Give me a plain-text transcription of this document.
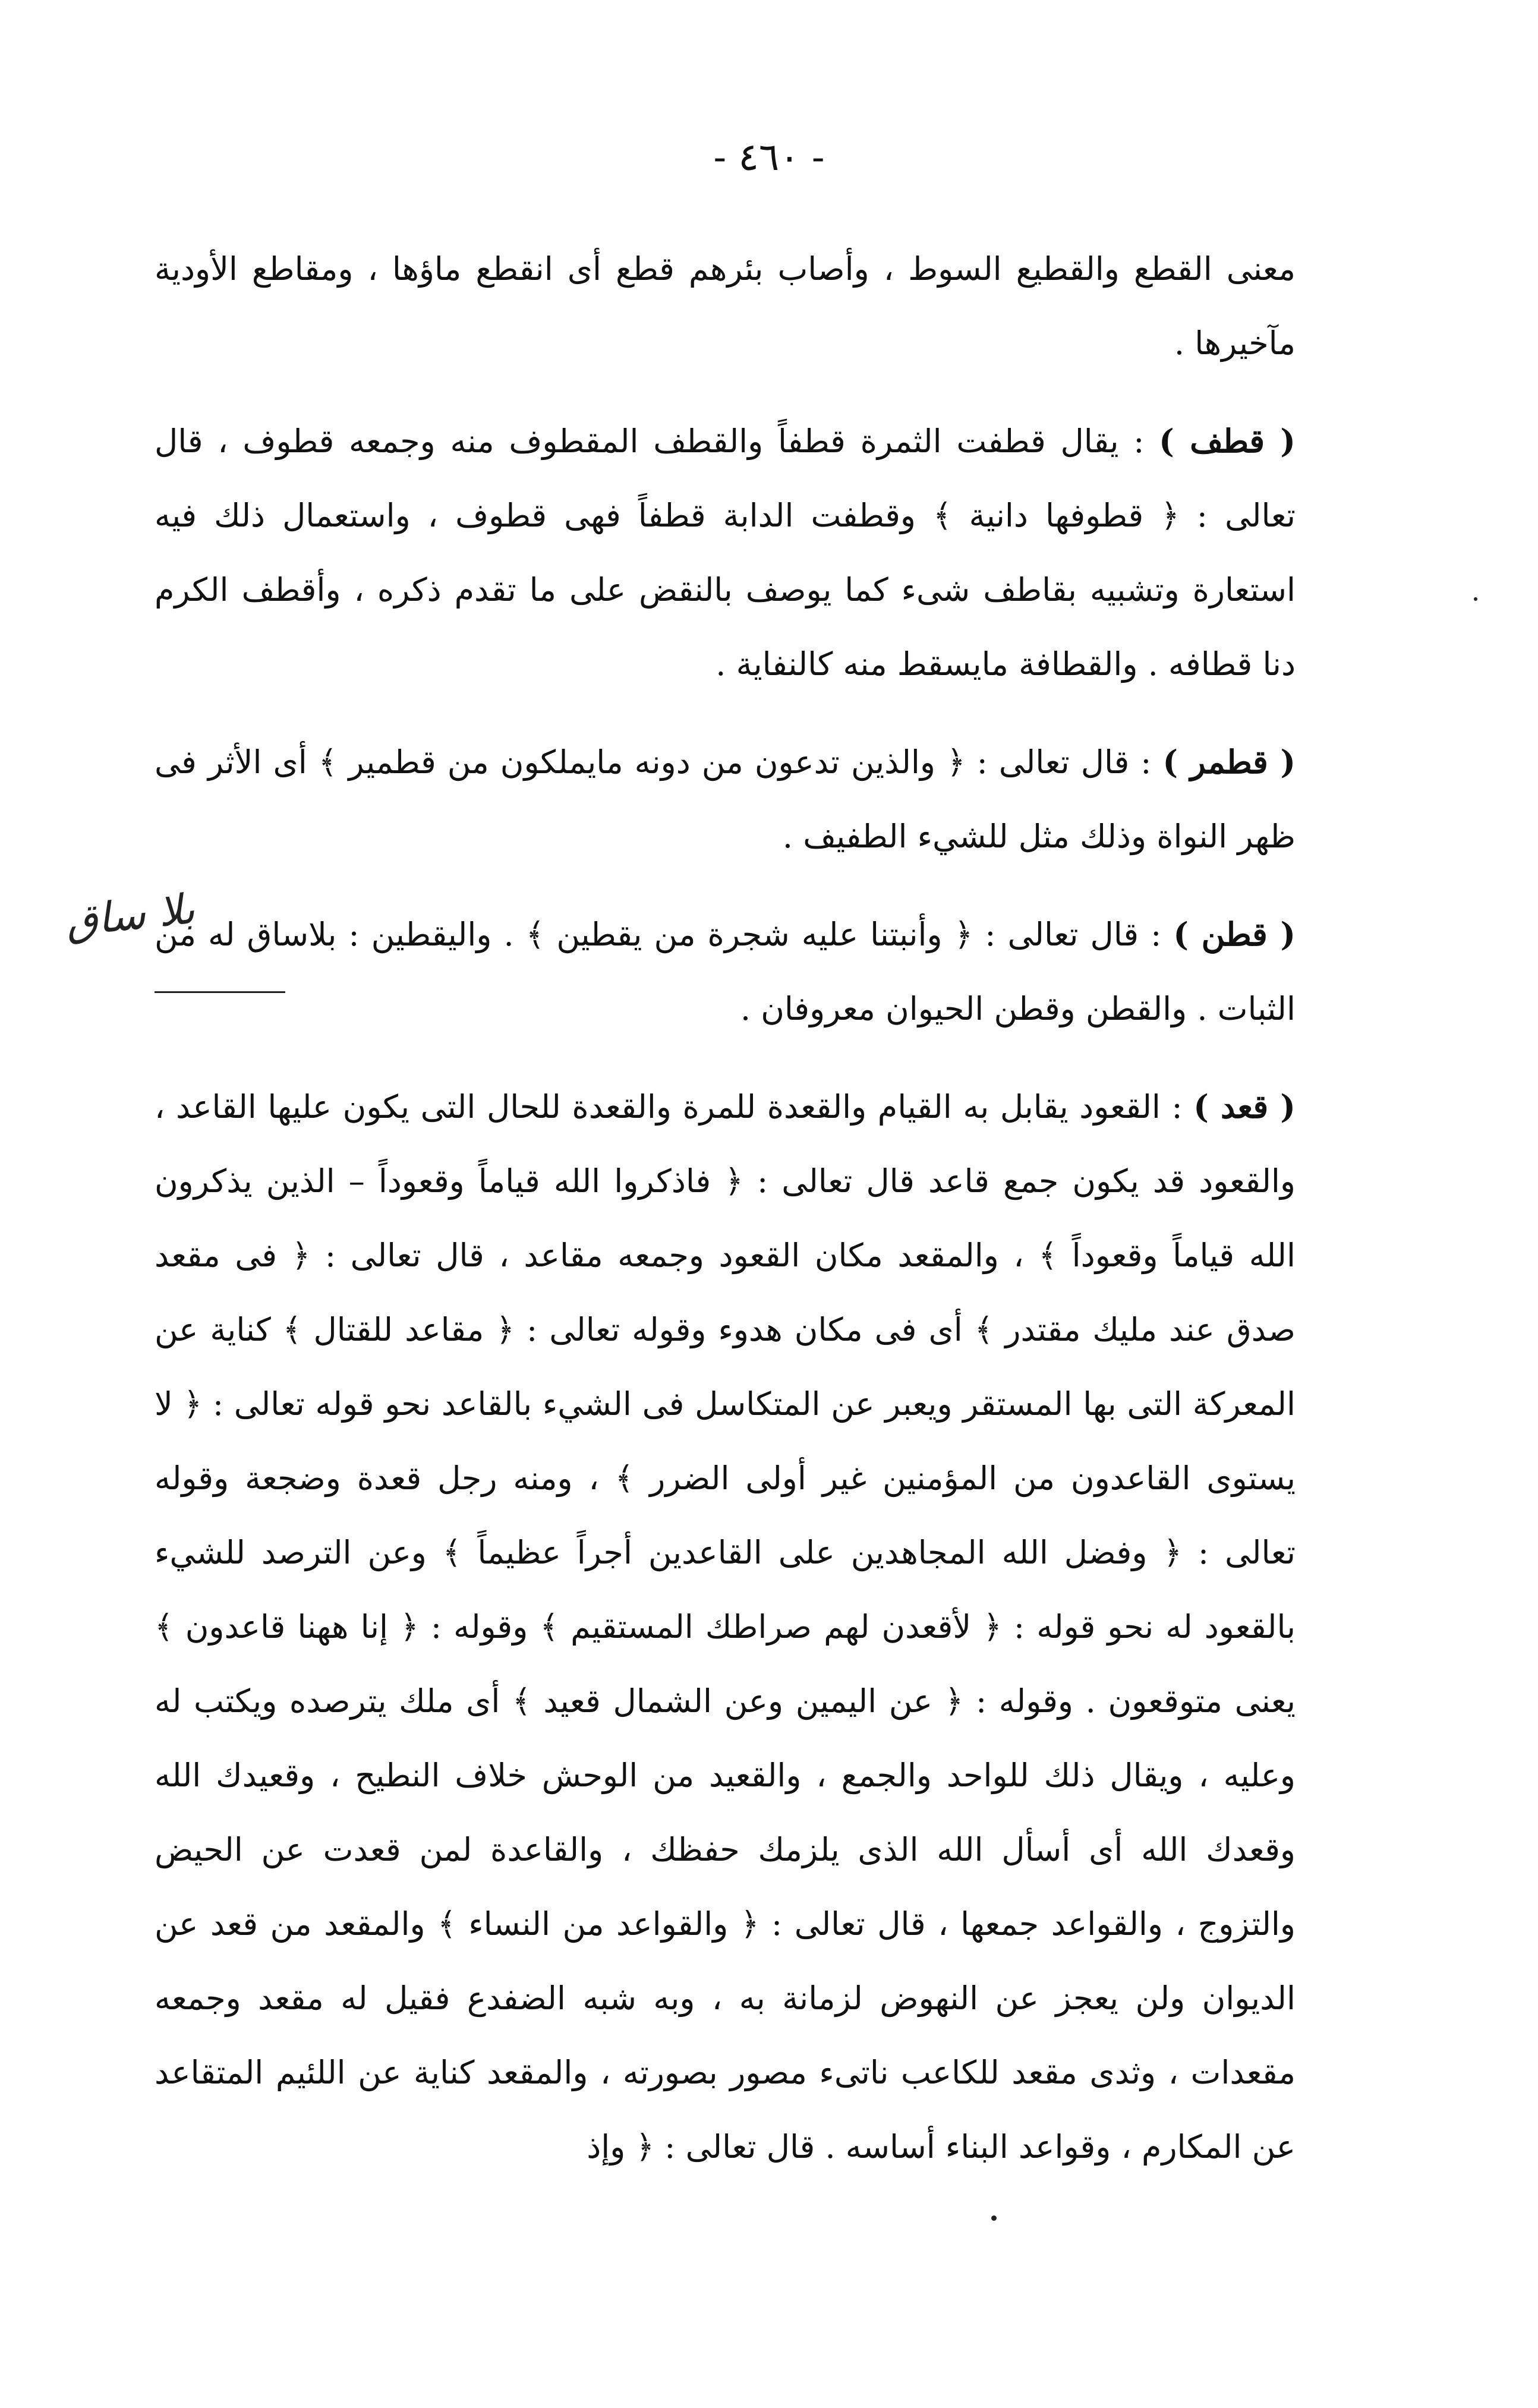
- ٤٦٠ -
بلا ساق

معنى القطع والقطيع السوط ، وأصاب بئرهم قطع أى انقطع ماؤها ، ومقاطع الأودية مآخيرها .

( قطف ) : يقال قطفت الثمرة قطفاً والقطف المقطوف منه وجمعه قطوف ، قال تعالى : ﴿ قطوفها دانية ﴾ وقطفت الدابة قطفاً فهى قطوف ، واستعمال ذلك فيه استعارة وتشبيه بقاطف شىء كما يوصف بالنقض على ما تقدم ذكره ، وأقطف الكرم دنا قطافه . والقطافة مايسقط منه كالنفاية .

( قطمر ) : قال تعالى : ﴿ والذين تدعون من دونه مايملكون من قطمير ﴾ أى الأثر فى ظهر النواة وذلك مثل للشيء الطفيف .

( قطن ) : قال تعالى : ﴿ وأنبتنا عليه شجرة من يقطين ﴾ . واليقطين : بلاساق له من الثبات . والقطن وقطن الحيوان معروفان .

( قعد ) : القعود يقابل به القيام والقعدة للمرة والقعدة للحال التى يكون عليها القاعد ، والقعود قد يكون جمع قاعد قال تعالى : ﴿ فاذكروا الله قياماً وقعوداً – الذين يذكرون الله قياماً وقعوداً ﴾ ، والمقعد مكان القعود وجمعه مقاعد ، قال تعالى : ﴿ فى مقعد صدق عند مليك مقتدر ﴾ أى فى مكان هدوء وقوله تعالى : ﴿ مقاعد للقتال ﴾ كناية عن المعركة التى بها المستقر ويعبر عن المتكاسل فى الشيء بالقاعد نحو قوله تعالى : ﴿ لا يستوى القاعدون من المؤمنين غير أولى الضرر ﴾ ، ومنه رجل قعدة وضجعة وقوله تعالى : ﴿ وفضل الله المجاهدين على القاعدين أجراً عظيماً ﴾ وعن الترصد للشيء بالقعود له نحو قوله : ﴿ لأقعدن لهم صراطك المستقيم ﴾ وقوله : ﴿ إنا ههنا قاعدون ﴾ يعنى متوقعون . وقوله : ﴿ عن اليمين وعن الشمال قعيد ﴾ أى ملك يترصده ويكتب له وعليه ، ويقال ذلك للواحد والجمع ، والقعيد من الوحش خلاف النطيح ، وقعيدك الله وقعدك الله أى أسأل الله الذى يلزمك حفظك ، والقاعدة لمن قعدت عن الحيض والتزوج ، والقواعد جمعها ، قال تعالى : ﴿ والقواعد من النساء ﴾ والمقعد من قعد عن الديوان ولن يعجز عن النهوض لزمانة به ، وبه شبه الضفدع فقيل له مقعد وجمعه مقعدات ، وثدى مقعد للكاعب ناتىء مصور بصورته ، والمقعد كناية عن اللئيم المتقاعد عن المكارم ، وقواعد البناء أساسه . قال تعالى : ﴿ وإذ
